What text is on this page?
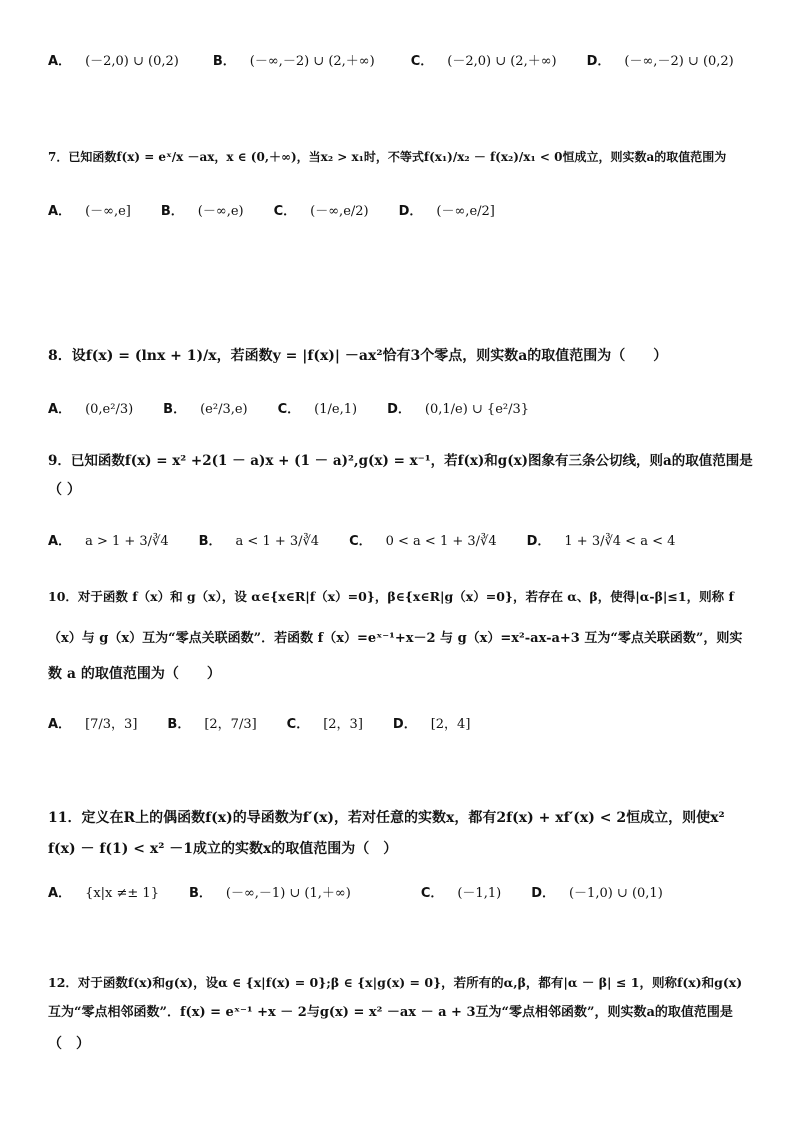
A． (－2,0) ∪ (0,2)	B． (－∞,－2) ∪ (2,＋∞)	C． (－2,0) ∪ (2,＋∞) D． (－∞,－2) ∪ (0,2)
7．已知函数f(x) = eˣ/x －ax，x ∈ (0,＋∞)，当x₂ > x₁时，不等式f(x₁)/x₂ － f(x₂)/x₁ < 0恒成立，则实数a的取值范围为
A． (－∞,e] B． (－∞,e) C． (－∞,e/2) D． (－∞,e/2]
8．设f(x) = (lnx + 1)/x，若函数y = |f(x)| －ax²恰有3个零点，则实数a的取值范围为（　　）
A． (0,e²/3) B． (e²/3,e) C． (1/e,1) D． (0,1/e) ∪ {e²/3}
9．已知函数f(x) = x² +2(1 － a)x + (1 － a)²,g(x) = x⁻¹，若f(x)和g(x)图象有三条公切线，则a的取值范围是
（ ）
A． a > 1 + 3/∛4 B． a < 1 + 3/∛4 C． 0 < a < 1 + 3/∛4 D． 1 + 3/∛4 < a < 4
10．对于函数 f（x）和 g（x），设 α∈{x∈R|f（x）=0}，β∈{x∈R|g（x）=0}，若存在 α、β，使得|α-β|≤1，则称 f
（x）与 g（x）互为“零点关联函数”．若函数 f（x）=eˣ⁻¹+x－2 与 g（x）=x²-ax-a+3 互为“零点关联函数”，则实
数 a 的取值范围为（　　）
A． [7/3，3] B． [2，7/3] C． [2，3] D． [2，4]
11．定义在R上的偶函数f(x)的导函数为f′(x)，若对任意的实数x，都有2f(x) + xf′(x) < 2恒成立，则使x²
f(x) － f(1) < x² －1成立的实数x的取值范围为（　）
A． {x|x ≠± 1} B． (－∞,－1) ∪ (1,＋∞)	C． (－1,1) D． (－1,0) ∪ (0,1)
12．对于函数f(x)和g(x)，设α ∈ {x|f(x) = 0};β ∈ {x|g(x) = 0}，若所有的α,β，都有|α － β| ≤ 1，则称f(x)和g(x)
互为“零点相邻函数”．f(x) = eˣ⁻¹ +x － 2与g(x) = x² －ax － a + 3互为“零点相邻函数”，则实数a的取值范围是
（　）
